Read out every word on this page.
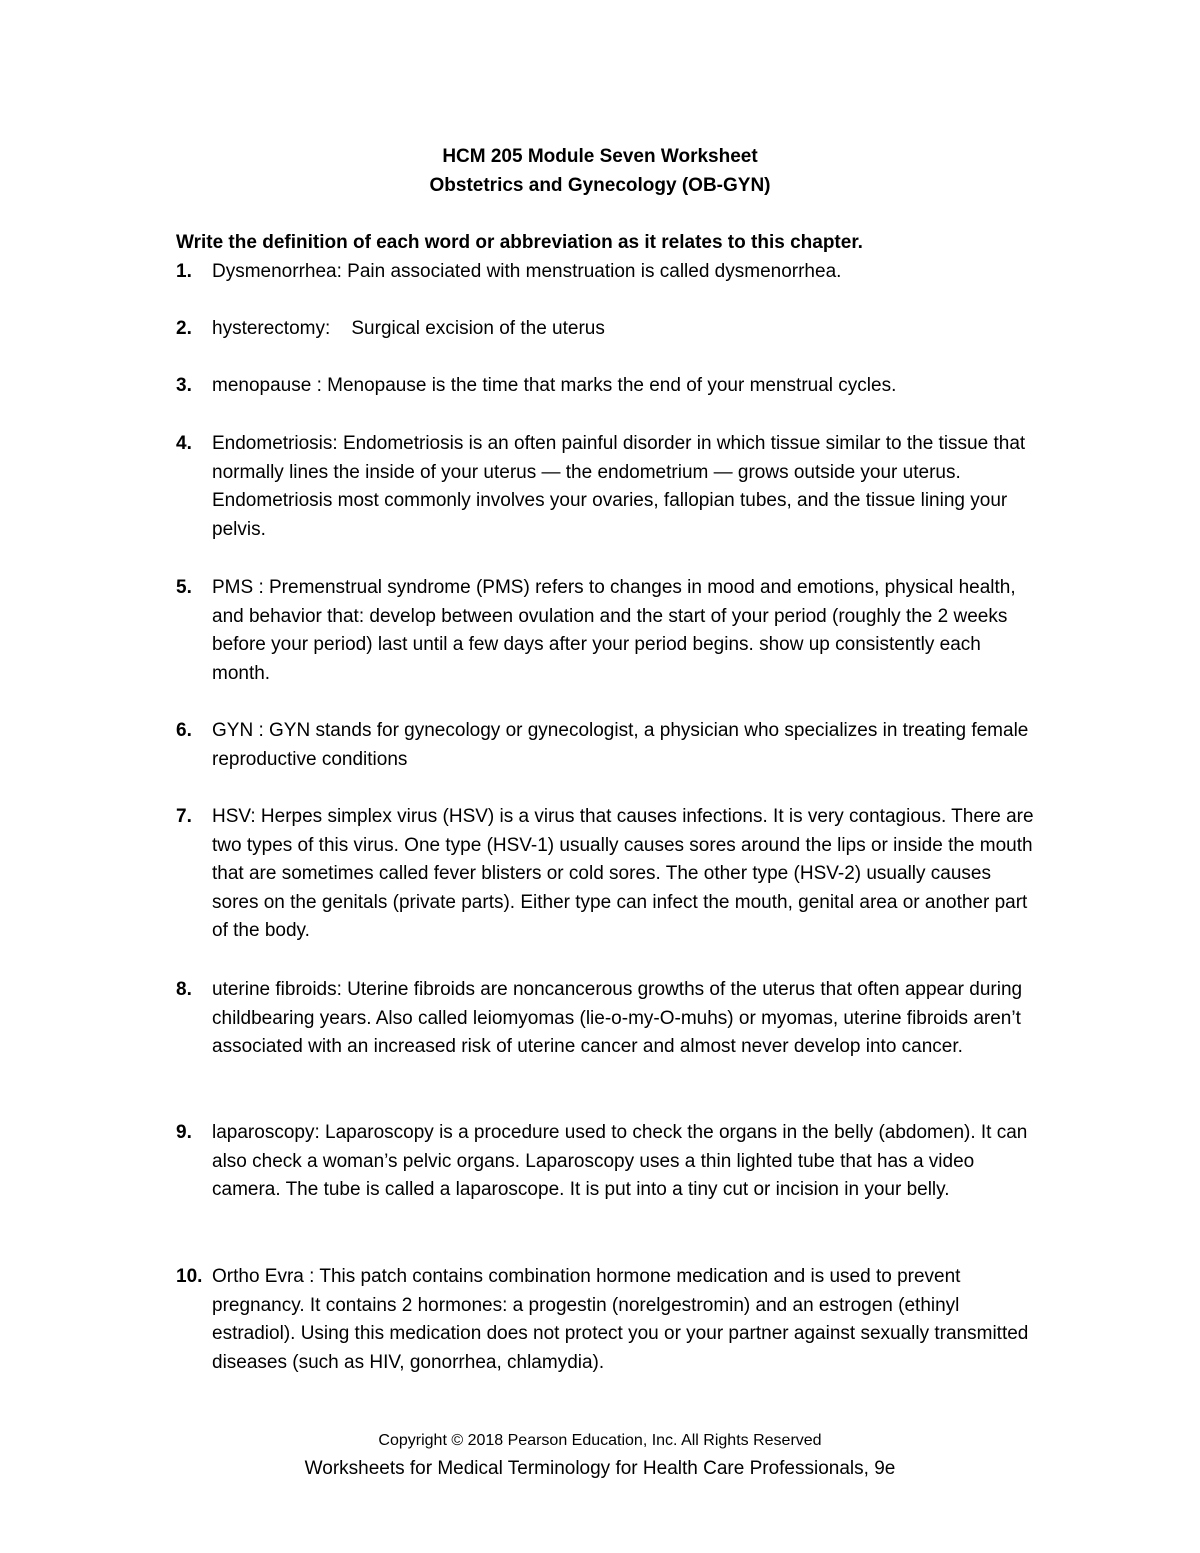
HCM 205 Module Seven Worksheet
Obstetrics and Gynecology (OB-GYN)
Write the definition of each word or abbreviation as it relates to this chapter.
1.	Dysmenorrhea: Pain associated with menstruation is called dysmenorrhea.
2.	hysterectomy:    Surgical excision of the uterus
3.	menopause : Menopause is the time that marks the end of your menstrual cycles.
4.	Endometriosis: Endometriosis is an often painful disorder in which tissue similar to the tissue that normally lines the inside of your uterus — the endometrium — grows outside your uterus. Endometriosis most commonly involves your ovaries, fallopian tubes, and the tissue lining your pelvis.
5.	PMS : Premenstrual syndrome (PMS) refers to changes in mood and emotions, physical health, and behavior that: develop between ovulation and the start of your period (roughly the 2 weeks before your period) last until a few days after your period begins. show up consistently each month.
6.	GYN : GYN stands for gynecology or gynecologist, a physician who specializes in treating female reproductive conditions
7.	HSV: Herpes simplex virus (HSV) is a virus that causes infections. It is very contagious. There are two types of this virus. One type (HSV-1) usually causes sores around the lips or inside the mouth that are sometimes called fever blisters or cold sores. The other type (HSV-2) usually causes sores on the genitals (private parts). Either type can infect the mouth, genital area or another part of the body.
8.	uterine fibroids: Uterine fibroids are noncancerous growths of the uterus that often appear during childbearing years. Also called leiomyomas (lie-o-my-O-muhs) or myomas, uterine fibroids aren’t associated with an increased risk of uterine cancer and almost never develop into cancer.
9.	laparoscopy: Laparoscopy is a procedure used to check the organs in the belly (abdomen). It can also check a woman’s pelvic organs. Laparoscopy uses a thin lighted tube that has a video camera. The tube is called a laparoscope. It is put into a tiny cut or incision in your belly.
10. Ortho Evra : This patch contains combination hormone medication and is used to prevent pregnancy. It contains 2 hormones: a progestin (norelgestromin) and an estrogen (ethinyl estradiol). Using this medication does not protect you or your partner against sexually transmitted diseases (such as HIV, gonorrhea, chlamydia).
Copyright © 2018 Pearson Education, Inc. All Rights Reserved
Worksheets for Medical Terminology for Health Care Professionals, 9e
